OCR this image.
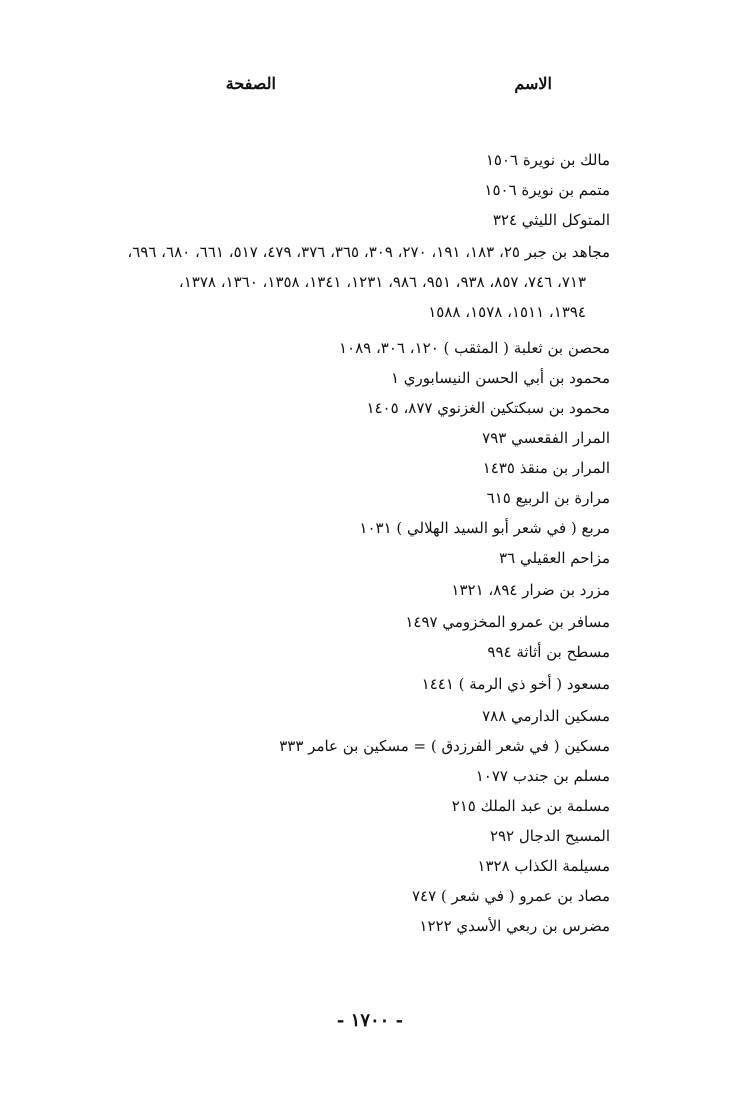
الاسم
الصفحة
مالك بن نويرة ١٥٠٦
متمم بن نويرة ١٥٠٦
المتوكل الليثي ٣٢٤
مجاهد بن جبر ٢٥، ١٨٣، ١٩١، ٢٧٠، ٣٠٩، ٣٦٥، ٣٧٦، ٤٧٩، ٥١٧، ٦٦١، ٦٨٠، ٦٩٦،
٧١٣، ٧٤٦، ٨٥٧، ٩٣٨، ٩٥١، ٩٨٦، ١٢٣١، ١٣٤١، ١٣٥٨، ١٣٦٠، ١٣٧٨،
١٣٩٤، ١٥١١، ١٥٧٨، ١٥٨٨
محصن بن ثعلبة ( المثقب ) ١٢٠، ٣٠٦، ١٠٨٩
محمود بن أبي الحسن النيسابوري ١
محمود بن سبكتكين الغزنوي ٨٧٧، ١٤٠٥
المرار الفقعسي ٧٩٣
المرار بن منقذ ١٤٣٥
مرارة بن الربيع ٦١٥
مربع ( في شعر أبو السيد الهلالي ) ١٠٣١
مزاحم العقيلي ٣٦
مزرد بن ضرار ٨٩٤، ١٣٢١
مسافر بن عمرو المخزومي ١٤٩٧
مسطح بن أثاثة ٩٩٤
مسعود ( أخو ذي الرمة ) ١٤٤١
مسكين الدارمي ٧٨٨
مسكين ( في شعر الفرزدق ) = مسكين بن عامر ٣٣٣
مسلم بن جندب ١٠٧٧
مسلمة بن عبد الملك ٢١٥
المسيح الدجال ٢٩٢
مسيلمة الكذاب ١٣٢٨
مصاد بن عمرو ( في شعر ) ٧٤٧
مضرس بن ربعي الأسدي ١٢٢٢
- ١٧٠٠ -
